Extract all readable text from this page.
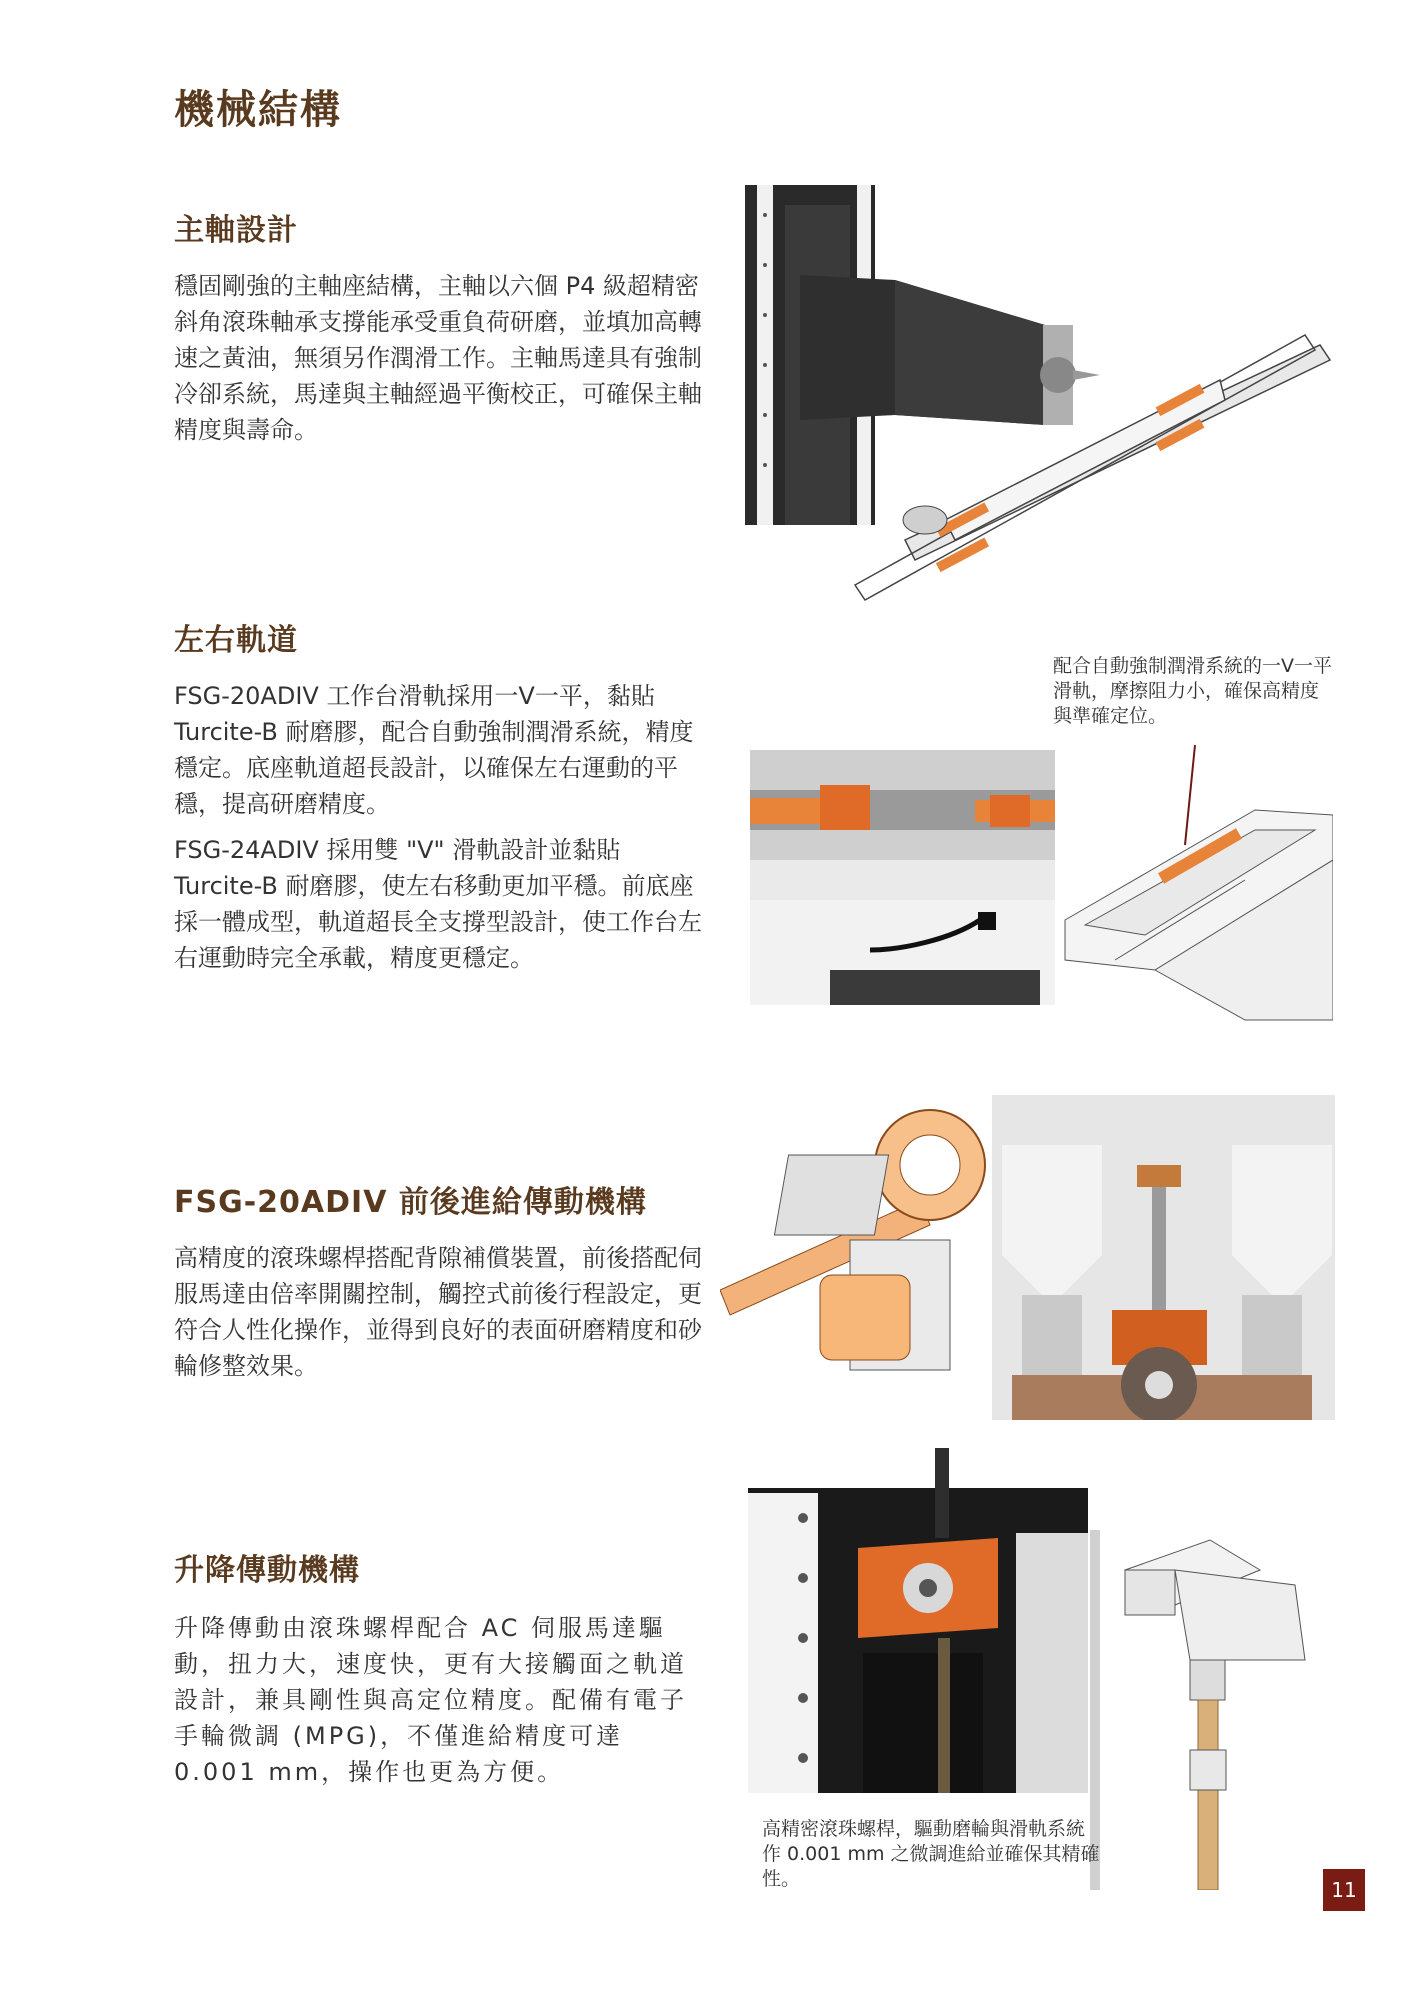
機械結構
主軸設計

穩固剛強的主軸座結構，主軸以六個 P4 級超精密斜角滾珠軸承支撐能承受重負荷研磨，並填加高轉速之黃油，無須另作潤滑工作。主軸馬達具有強制冷卻系統，馬達與主軸經過平衡校正，可確保主軸精度與壽命。

左右軌道

FSG-20ADIV 工作台滑軌採用一V一平，黏貼 Turcite-B 耐磨膠，配合自動強制潤滑系統，精度穩定。底座軌道超長設計，以確保左右運動的平穩，提高研磨精度。

FSG-24ADIV 採用雙 "V" 滑軌設計並黏貼 Turcite-B 耐磨膠，使左右移動更加平穩。前底座採一體成型，軌道超長全支撐型設計，使工作台左右運動時完全承載，精度更穩定。

配合自動強制潤滑系統的一V一平滑軌，摩擦阻力小，確保高精度與準確定位。
FSG-20ADIV 前後進給傳動機構

高精度的滾珠螺桿搭配背隙補償裝置，前後搭配伺服馬達由倍率開關控制，觸控式前後行程設定，更符合人性化操作，並得到良好的表面研磨精度和砂輪修整效果。

升降傳動機構

升降傳動由滾珠螺桿配合 AC 伺服馬達驅動，扭力大，速度快，更有大接觸面之軌道設計，兼具剛性與高定位精度。配備有電子手輪微調 (MPG)，不僅進給精度可達0.001 mm，操作也更為方便。

高精密滾珠螺桿，驅動磨輪與滑軌系統作 0.001 mm 之微調進給並確保其精確性。	11
